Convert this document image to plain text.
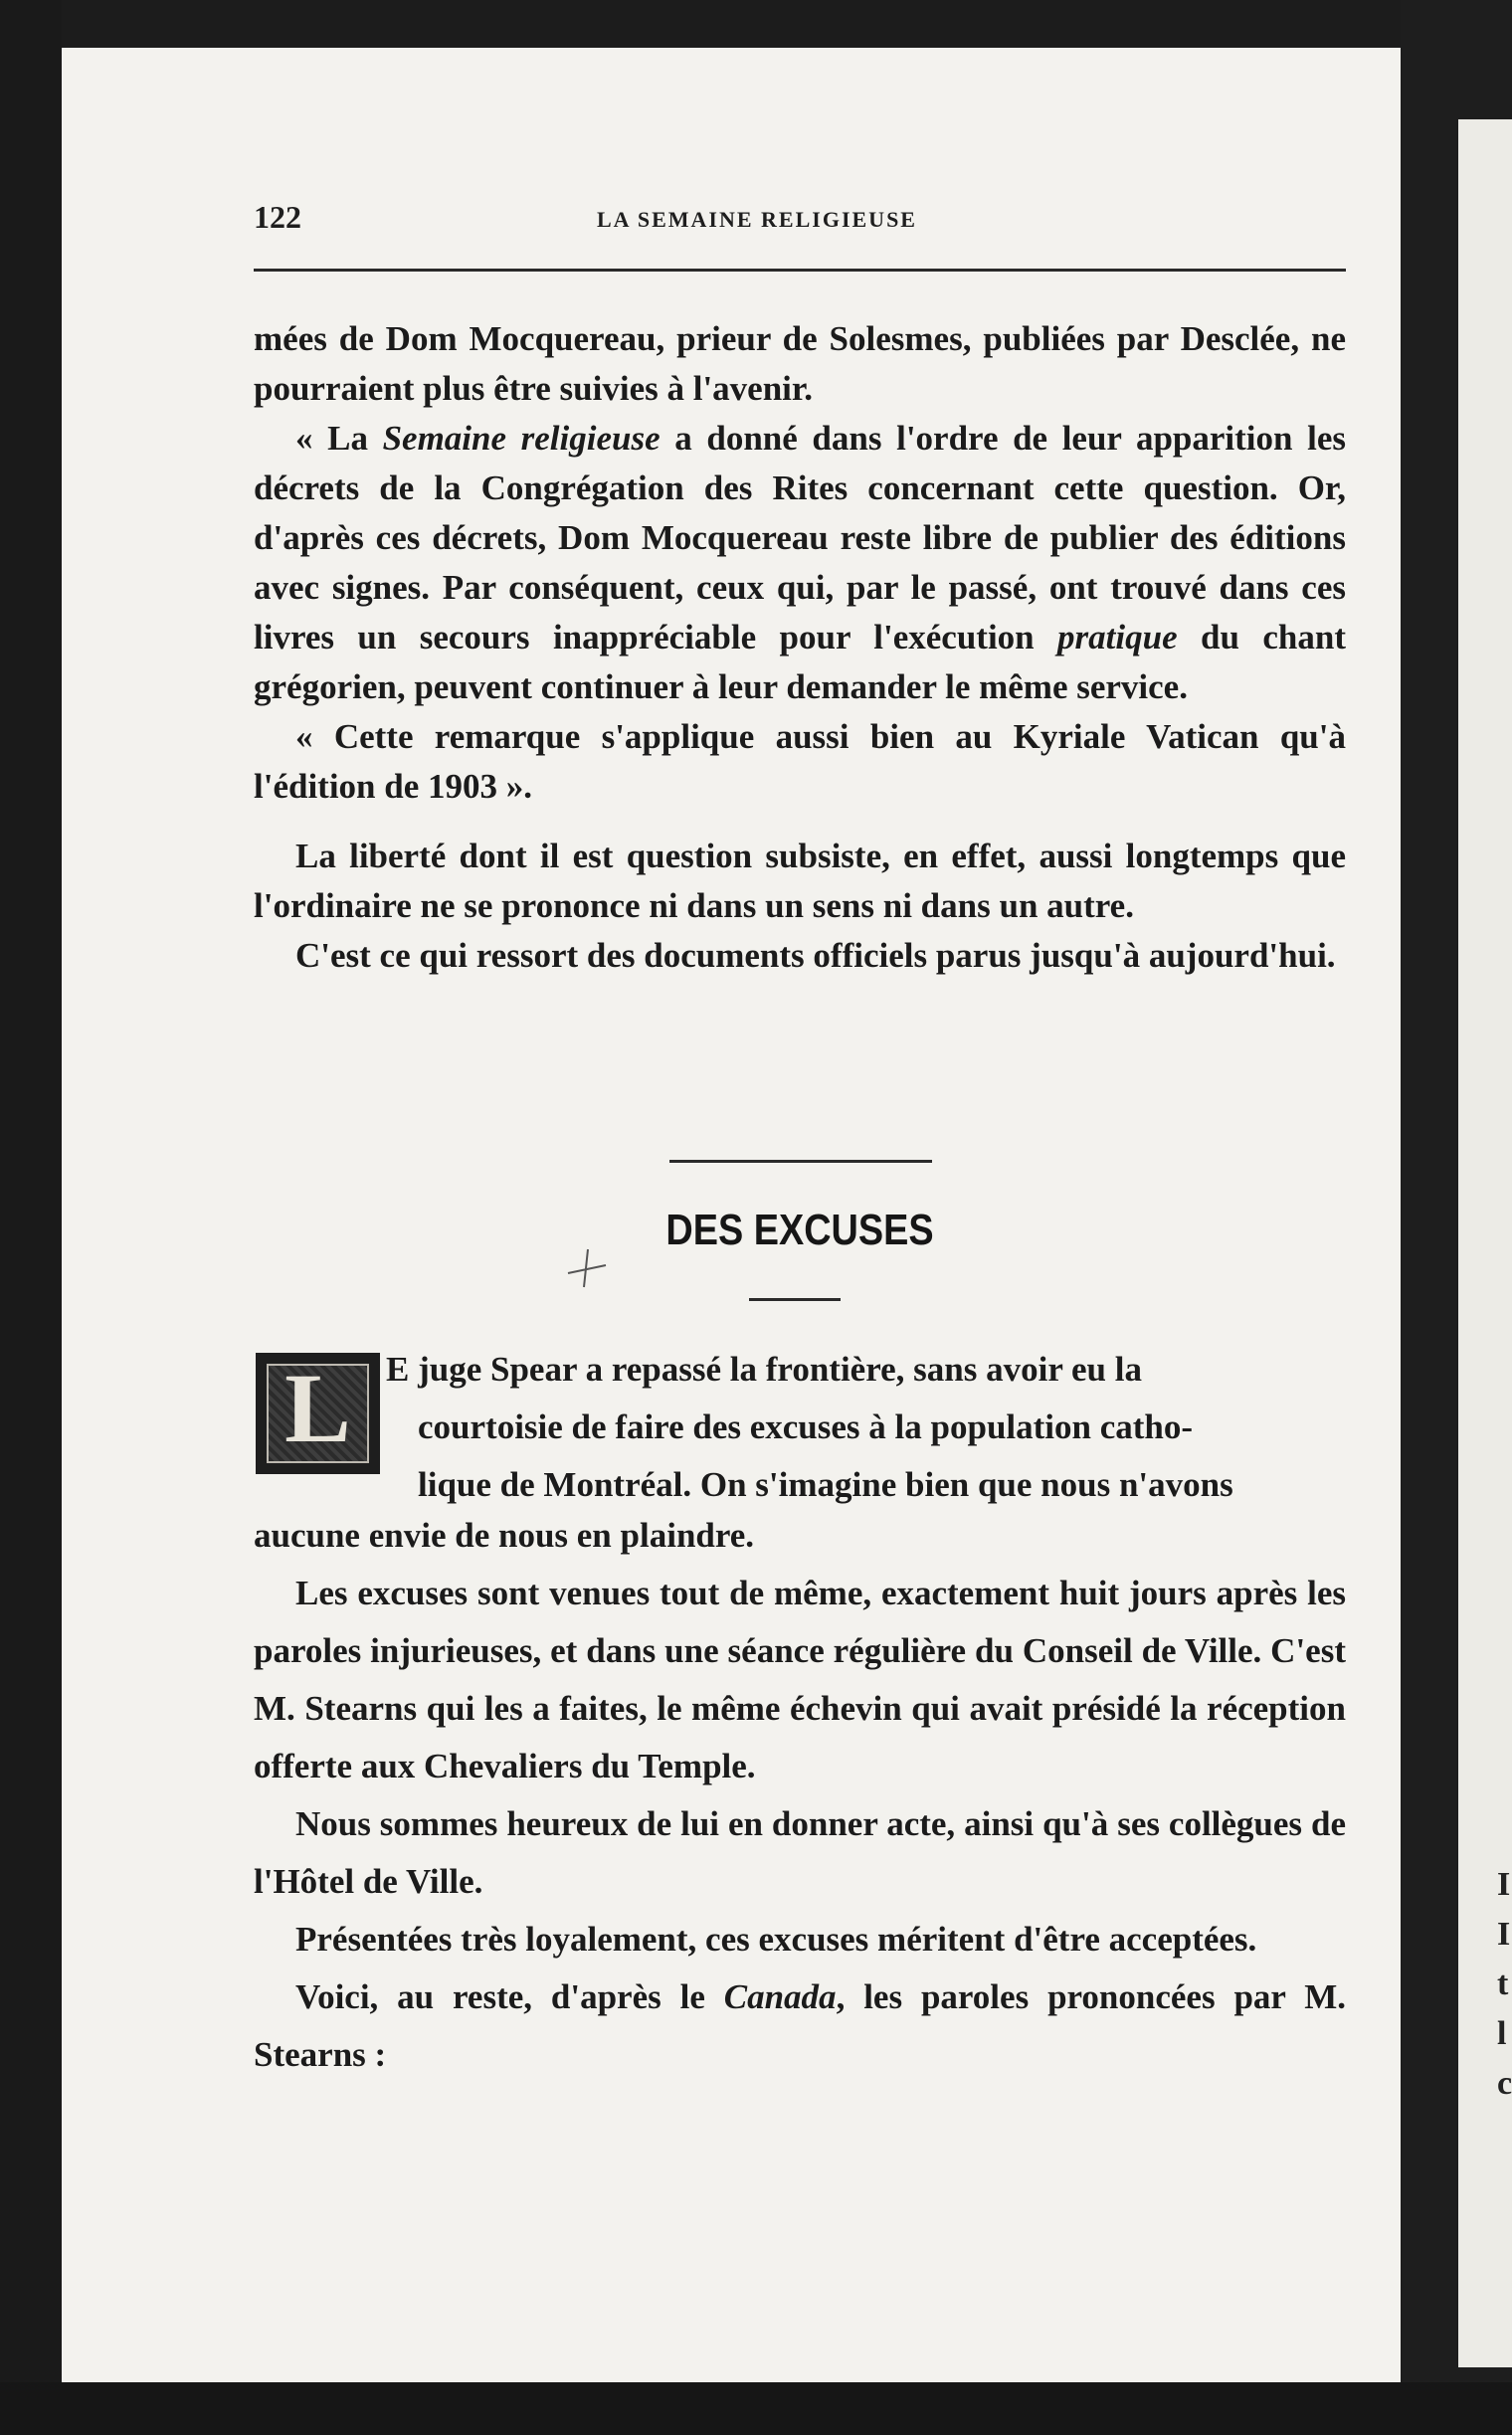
I
I
t
l
c
122	LA SEMAINE RELIGIEUSE

mées de Dom Mocquereau, prieur de Solesmes, publiées par Desclée, ne pourraient plus être suivies à l'avenir.

« La Semaine religieuse a donné dans l'ordre de leur apparition les décrets de la Congrégation des Rites concernant cette question. Or, d'après ces décrets, Dom Mocquereau reste libre de publier des éditions avec signes. Par conséquent, ceux qui, par le passé, ont trouvé dans ces livres un secours inappréciable pour l'exécution pratique du chant grégorien, peuvent continuer à leur demander le même service.

« Cette remarque s'applique aussi bien au Kyriale Vatican qu'à l'édition de 1903 ».

La liberté dont il est question subsiste, en effet, aussi longtemps que l'ordinaire ne se prononce ni dans un sens ni dans un autre.

C'est ce qui ressort des documents officiels parus jusqu'à aujourd'hui.

DES EXCUSES
L	E juge Spear a repassé la frontière, sans avoir eu la

courtoisie de faire des excuses à la population catho-

lique de Montréal. On s'imagine bien que nous n'avons

aucune envie de nous en plaindre.

Les excuses sont venues tout de même, exactement huit jours après les paroles injurieuses, et dans une séance régulière du Conseil de Ville. C'est M. Stearns qui les a faites, le même échevin qui avait présidé la réception offerte aux Chevaliers du Temple.

Nous sommes heureux de lui en donner acte, ainsi qu'à ses collègues de l'Hôtel de Ville.

Présentées très loyalement, ces excuses méritent d'être acceptées.

Voici, au reste, d'après le Canada, les paroles prononcées par M. Stearns :
